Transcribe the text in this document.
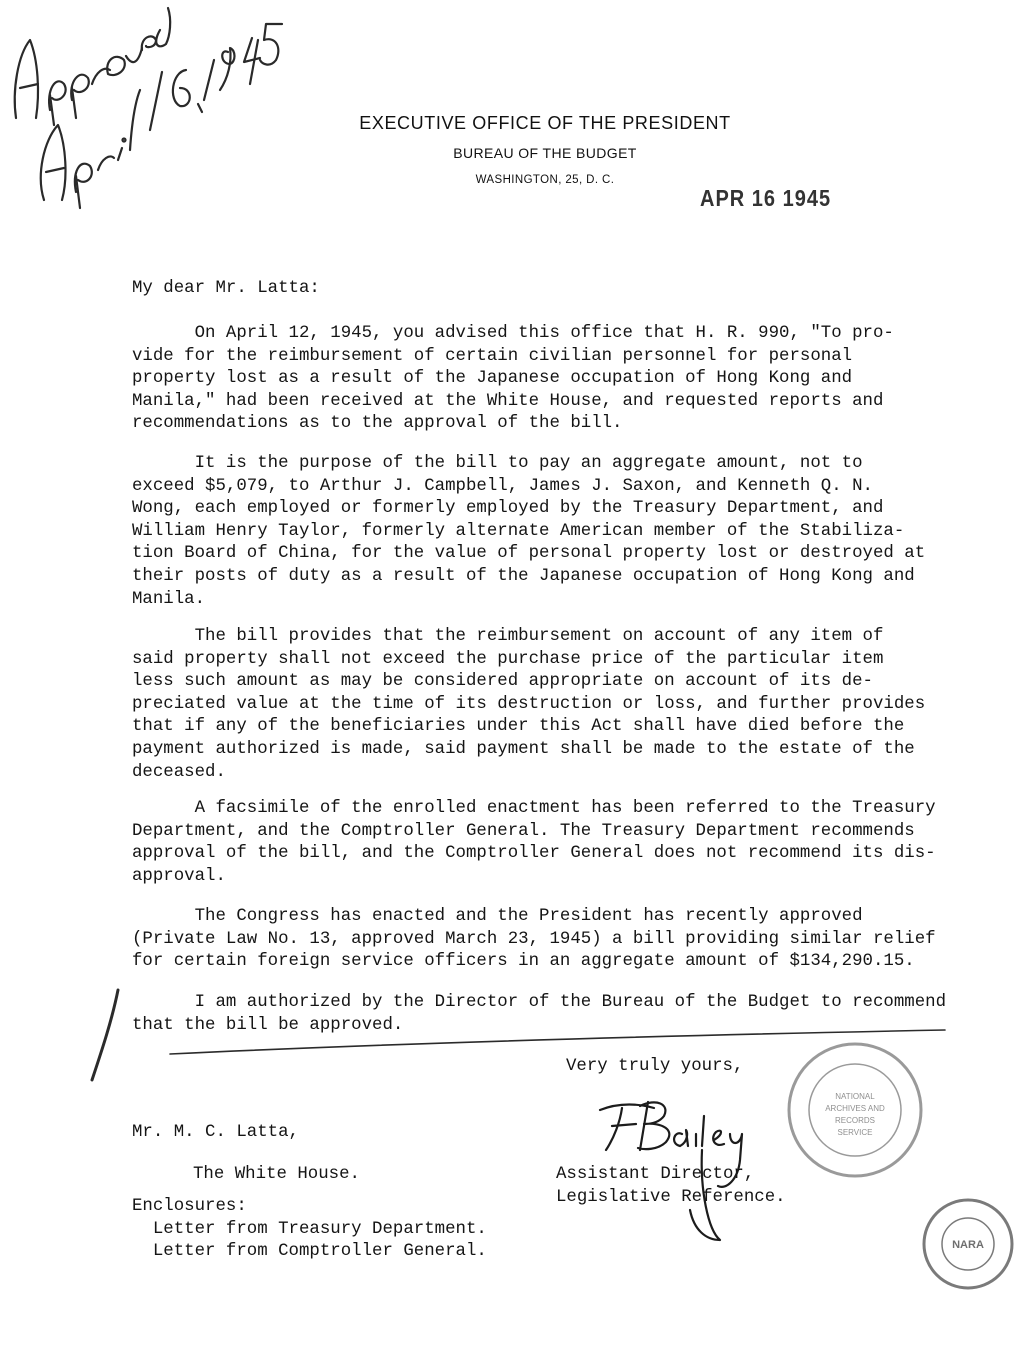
EXECUTIVE OFFICE OF THE PRESIDENT
BUREAU OF THE BUDGET
WASHINGTON, 25, D. C.
APR 16 1945
My dear Mr. Latta:
On April 12, 1945, you advised this office that H. R. 990, "To pro-
vide for the reimbursement of certain civilian personnel for personal
property lost as a result of the Japanese occupation of Hong Kong and
Manila," had been received at the White House, and requested reports and
recommendations as to the approval of the bill.
It is the purpose of the bill to pay an aggregate amount, not to
exceed $5,079, to Arthur J. Campbell, James J. Saxon, and Kenneth Q. N.
Wong, each employed or formerly employed by the Treasury Department, and
William Henry Taylor, formerly alternate American member of the Stabiliza-
tion Board of China, for the value of personal property lost or destroyed at
their posts of duty as a result of the Japanese occupation of Hong Kong and
Manila.
The bill provides that the reimbursement on account of any item of
said property shall not exceed the purchase price of the particular item
less such amount as may be considered appropriate on account of its de-
preciated value at the time of its destruction or loss, and further provides
that if any of the beneficiaries under this Act shall have died before the
payment authorized is made, said payment shall be made to the estate of the
deceased.
A facsimile of the enrolled enactment has been referred to the Treasury
Department, and the Comptroller General. The Treasury Department recommends
approval of the bill, and the Comptroller General does not recommend its dis-
approval.
The Congress has enacted and the President has recently approved
(Private Law No. 13, approved March 23, 1945) a bill providing similar relief
for certain foreign service officers in an aggregate amount of $134,290.15.
I am authorized by the Director of the Bureau of the Budget to recommend
that the bill be approved.
Very truly yours,
Mr. M. C. Latta,
The White House.	Assistant Director,
Legislative Reference.
Enclosures:
Letter from Treasury Department.
Letter from Comptroller General.
NATIONAL
ARCHIVES AND
RECORDS
SERVICE
NARA
